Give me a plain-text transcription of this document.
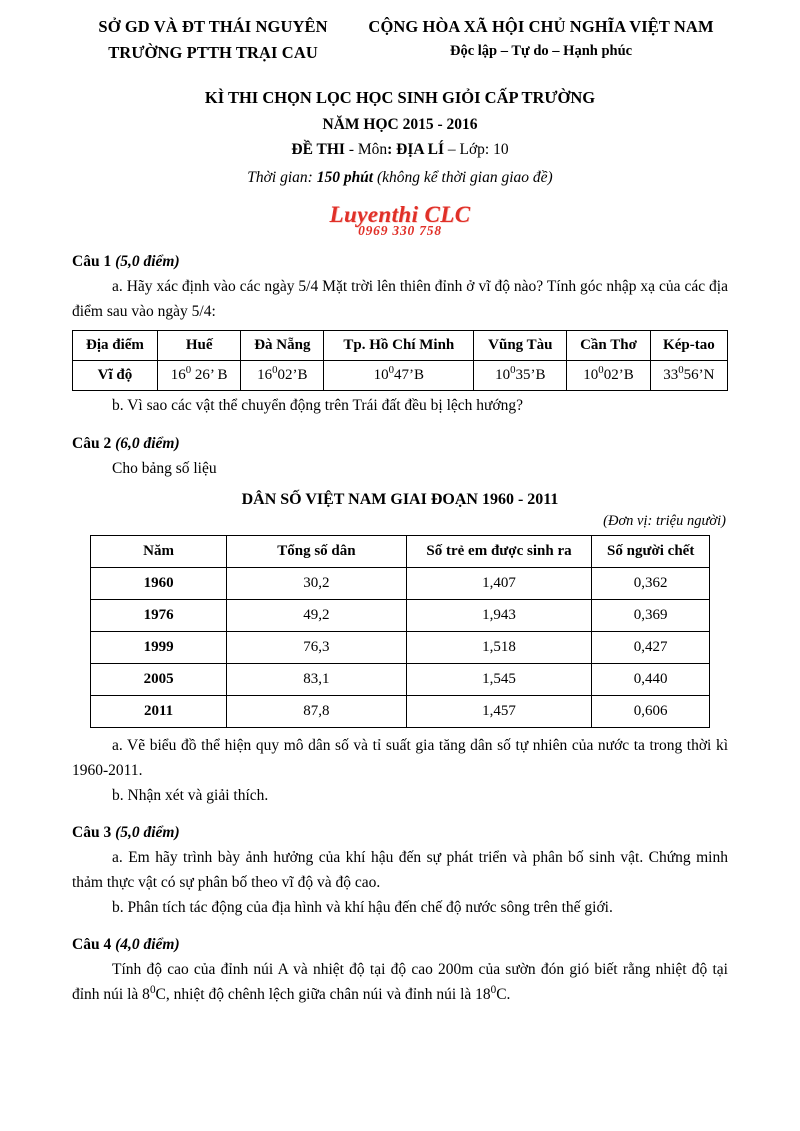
SỞ GD VÀ ĐT THÁI NGUYÊN
TRƯỜNG PTTH TRẠI CAU
CỘNG HÒA XÃ HỘI CHỦ NGHĨA VIỆT NAM
Độc lập – Tự do – Hạnh phúc
KÌ THI CHỌN LỌC HỌC SINH GIỎI CẤP TRƯỜNG
NĂM HỌC 2015 - 2016
ĐỀ THI - Môn: ĐỊA LÍ – Lớp: 10
Thời gian: 150 phút (không kể thời gian giao đề)
Luyenthi CLC
0969 330 758
Câu 1 (5,0 điểm)
a. Hãy xác định vào các ngày 5/4 Mặt trời lên thiên đỉnh ở vĩ độ nào? Tính góc nhập xạ của các địa điểm sau vào ngày 5/4:
Địa điểm	Huế	Đà Nẵng	Tp. Hồ Chí Minh	Vũng Tàu	Cần Thơ	Kép-tao
Vĩ độ	$16^0$ 26’ B	$16^002’B$	$10^047’B$	$10^035’B$	$10^002’B$	$33^056’N$
b. Vì sao các vật thể chuyển động trên Trái đất đều bị lệch hướng?
Câu 2 (6,0 điểm)
Cho bảng số liệu
DÂN SỐ VIỆT NAM GIAI ĐOẠN 1960 - 2011
(Đơn vị: triệu người)
Năm	Tổng số dân	Số trẻ em được sinh ra	Số người chết
1960	30,2	1,407	0,362
1976	49,2	1,943	0,369
1999	76,3	1,518	0,427
2005	83,1	1,545	0,440
2011	87,8	1,457	0,606
a. Vẽ biểu đồ thể hiện quy mô dân số và tỉ suất gia tăng dân số tự nhiên của nước ta trong thời kì 1960-2011.
b. Nhận xét và giải thích.
Câu 3 (5,0 điểm)
a. Em hãy trình bày ảnh hưởng của khí hậu đến sự phát triển và phân bố sinh vật. Chứng minh thảm thực vật có sự phân bố theo vĩ độ và độ cao.
b. Phân tích tác động của địa hình và khí hậu đến chế độ nước sông trên thế giới.
Câu 4 (4,0 điểm)
Tính độ cao của đỉnh núi A và nhiệt độ tại độ cao 200m của sườn đón gió biết rằng nhiệt độ tại đỉnh núi là $8^0C$, nhiệt độ chênh lệch giữa chân núi và đỉnh núi là $18^0C$.
